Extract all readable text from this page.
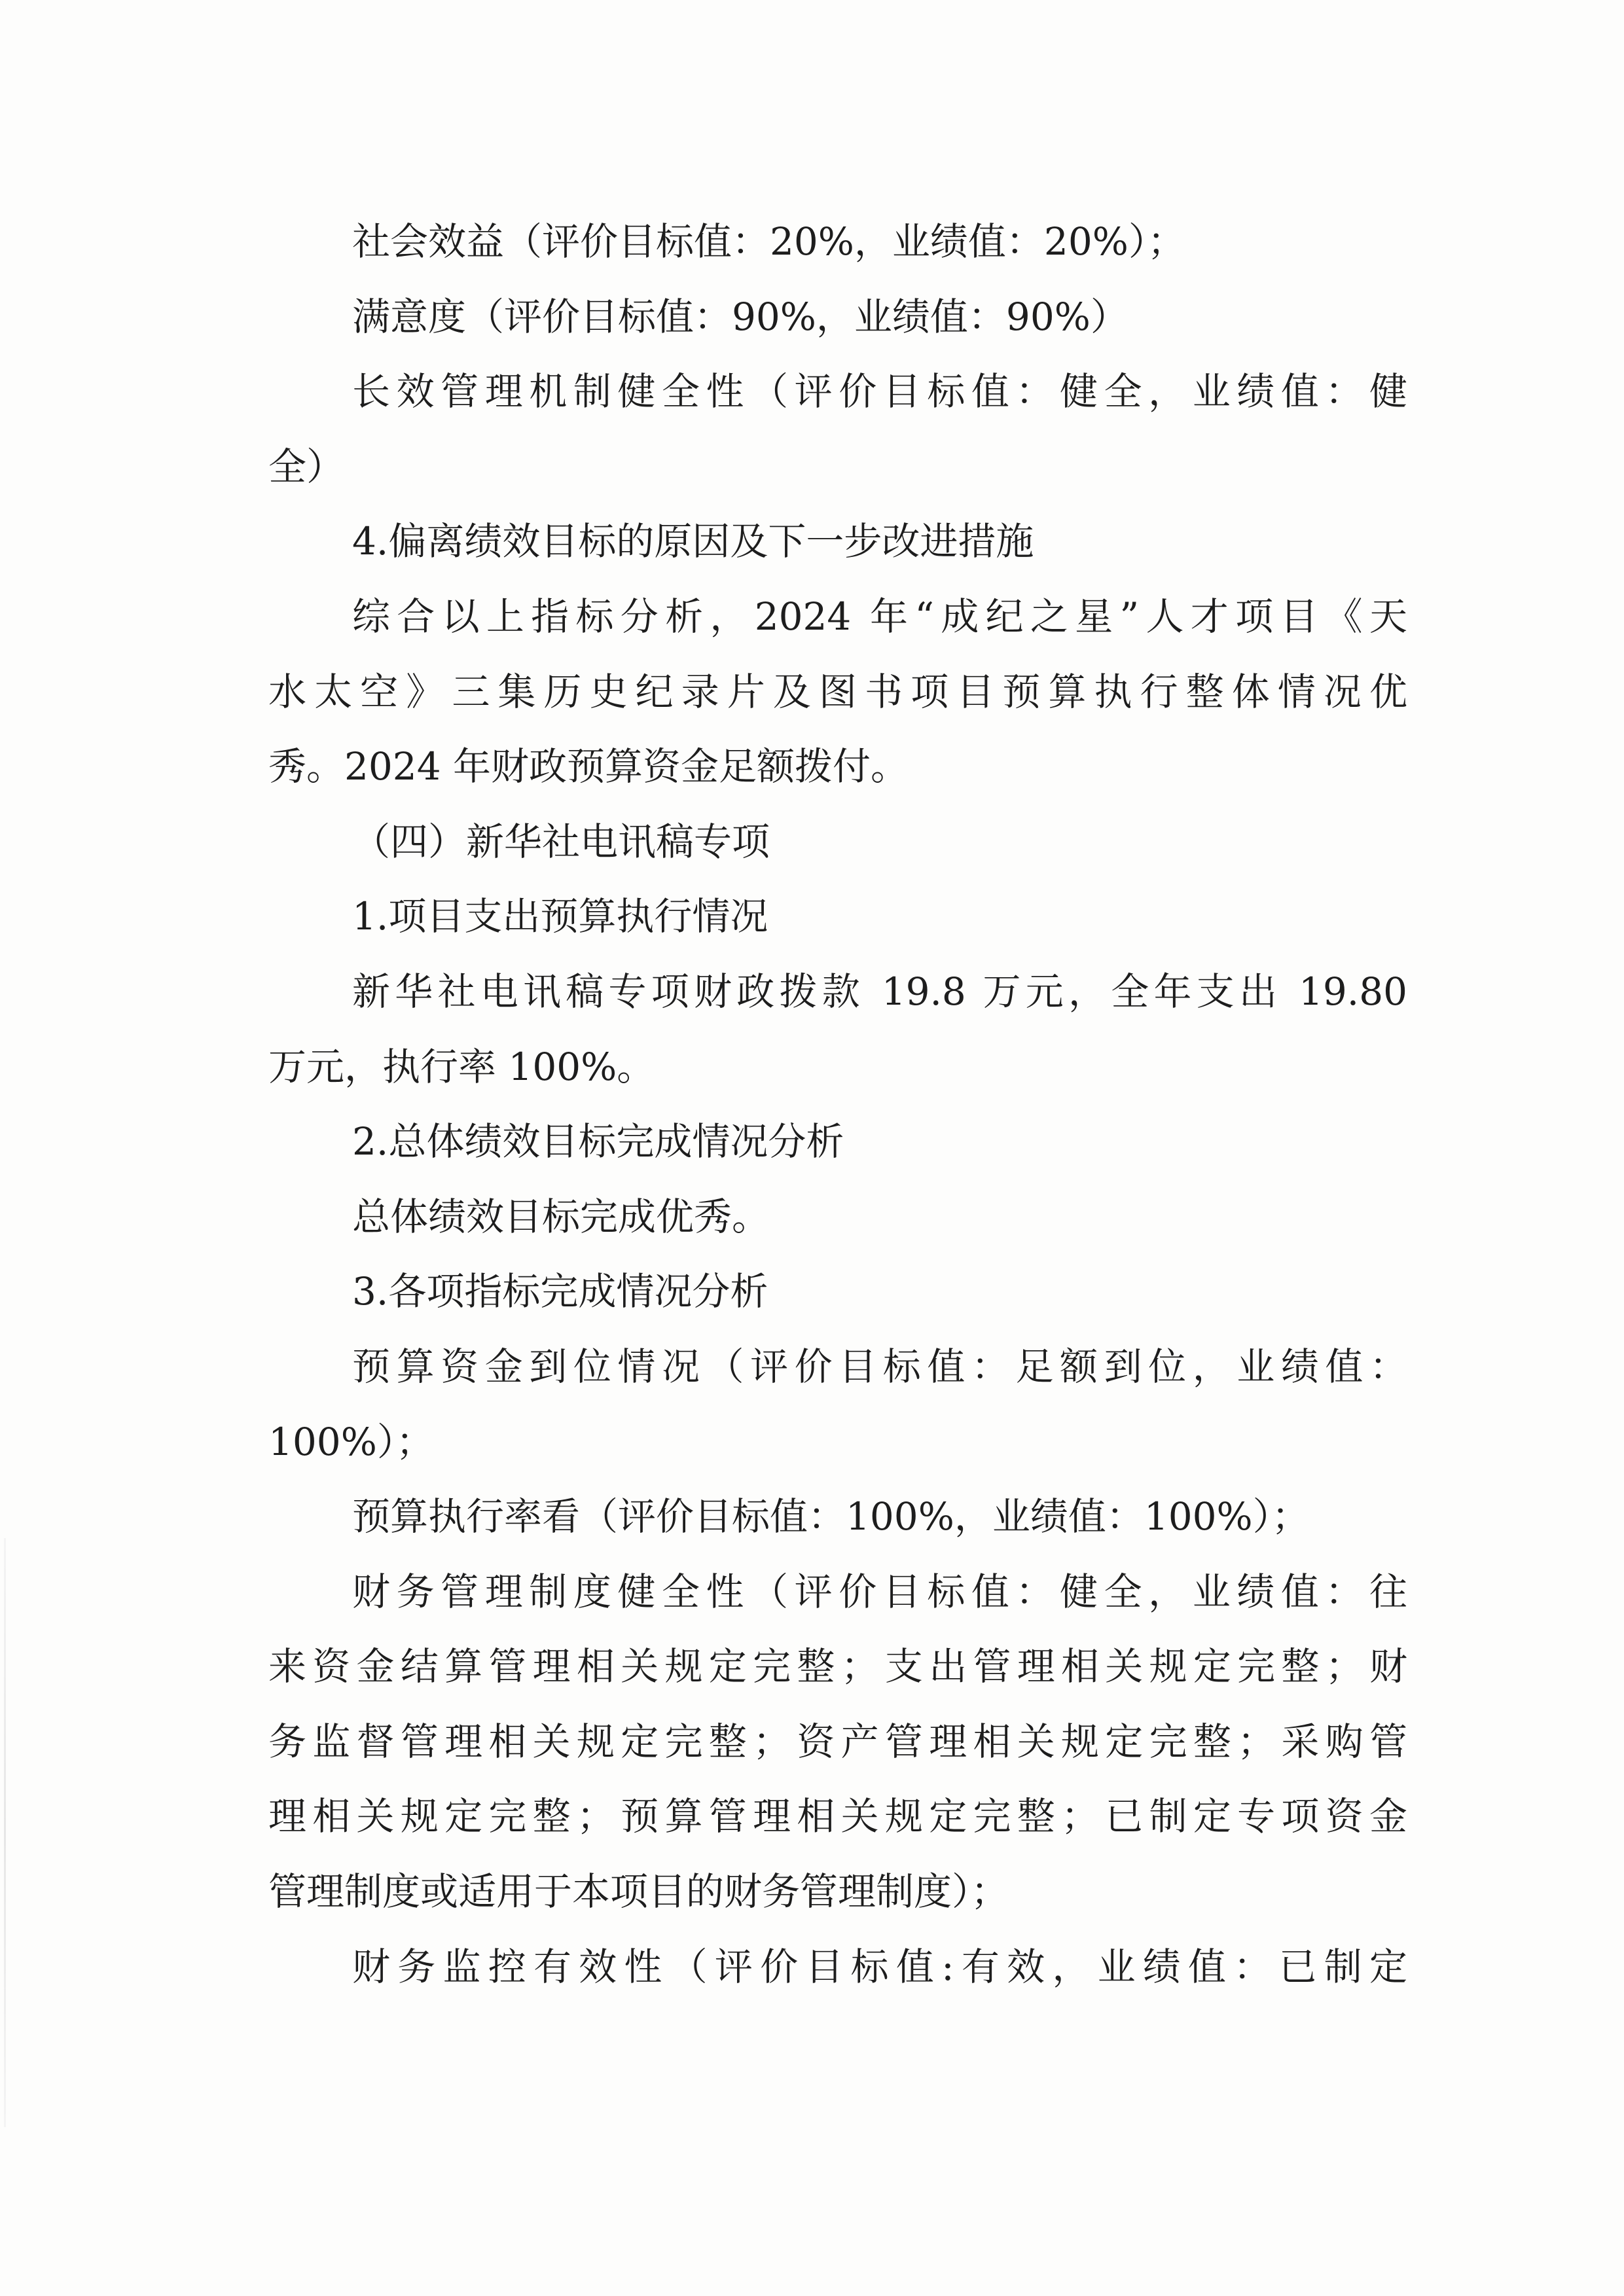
社会效益（评价目标值：20%，业绩值：20%）；
满意度（评价目标值：90%，业绩值：90%）
长效管理机制健全性（评价目标值：健全，业绩值：健
全）
4.偏离绩效目标的原因及下一步改进措施
综合以上指标分析，2024 年“成纪之星”人才项目《天
水太空》三集历史纪录片及图书项目预算执行整体情况优
秀。2024 年财政预算资金足额拨付。
（四）新华社电讯稿专项
1.项目支出预算执行情况
新华社电讯稿专项财政拨款 19.8 万元，全年支出 19.80
万元，执行率 100%。
2.总体绩效目标完成情况分析
总体绩效目标完成优秀。
3.各项指标完成情况分析
预算资金到位情况（评价目标值：足额到位，业绩值：
100%）；
预算执行率看（评价目标值：100%，业绩值：100%）；
财务管理制度健全性（评价目标值：健全，业绩值：往
来资金结算管理相关规定完整；支出管理相关规定完整；财
务监督管理相关规定完整；资产管理相关规定完整；采购管
理相关规定完整；预算管理相关规定完整；已制定专项资金
管理制度或适用于本项目的财务管理制度）；
财务监控有效性（评价目标值:有效，业绩值：已制定
